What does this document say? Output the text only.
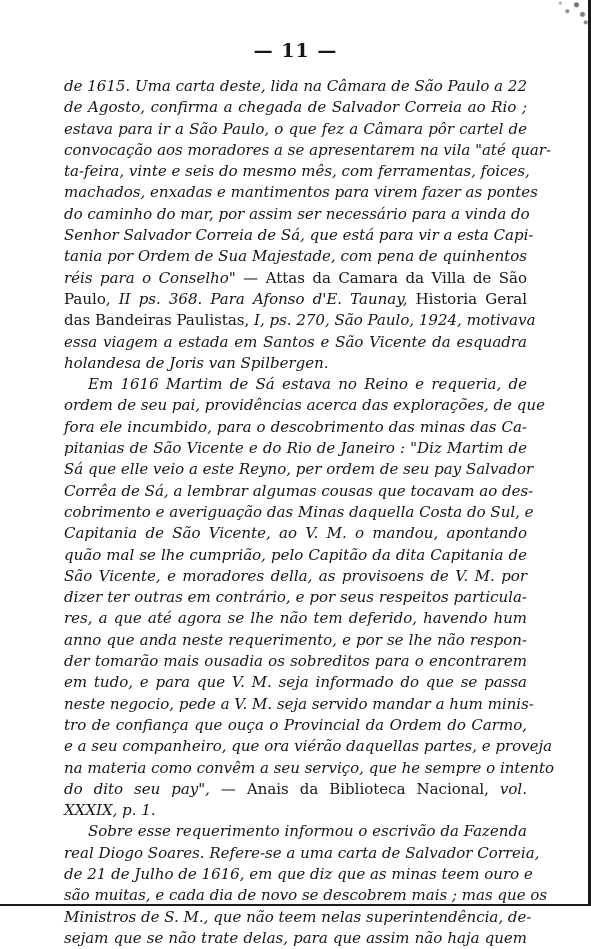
— 11 —
de 1615. Uma carta deste, lida na Câmara de São Paulo a 22
de Agosto, confirma a chegada de Salvador Correia ao Rio ;
estava para ir a São Paulo, o que fez a Câmara pôr cartel de
convocação aos moradores a se apresentarem na vila "até quar-
ta-feira, vinte e seis do mesmo mês, com ferramentas, foices,
machados, enxadas e mantimentos para virem fazer as pontes
do caminho do mar, por assim ser necessário para a vinda do
Senhor Salvador Correia de Sá, que está para vir a esta Capi-
tania por Ordem de Sua Majestade, com pena de quinhentos
réis para o Conselho" — Attas da Camara da Villa de São
Paulo, II ps. 368. Para Afonso d'E. Taunay, Historia Geral
das Bandeiras Paulistas, I, ps. 270, São Paulo, 1924, motivava
essa viagem a estada em Santos e São Vicente da esquadra
holandesa de Joris van Spilbergen.
Em 1616 Martim de Sá estava no Reino e requeria, de
ordem de seu pai, providências acerca das explorações, de que
fora ele incumbido, para o descobrimento das minas das Ca-
pitanias de São Vicente e do Rio de Janeiro : "Diz Martim de
Sá que elle veio a este Reyno, per ordem de seu pay Salvador
Corrêa de Sá, a lembrar algumas cousas que tocavam ao des-
cobrimento e averiguação das Minas daquella Costa do Sul, e
Capitania de São Vicente, ao V. M. o mandou, apontando
quão mal se lhe cumprião, pelo Capitão da dita Capitania de
São Vicente, e moradores della, as provisoens de V. M. por
dizer ter outras em contrário, e por seus respeitos particula-
res, a que até agora se lhe não tem deferido, havendo hum
anno que anda neste requerimento, e por se lhe não respon-
der tomarão mais ousadia os sobreditos para o encontrarem
em tudo, e para que V. M. seja informado do que se passa
neste negocio, pede a V. M. seja servido mandar a hum minis-
tro de confiança que ouça o Provincial da Ordem do Carmo,
e a seu companheiro, que ora viérão daquellas partes, e proveja
na materia como convêm a seu serviço, que he sempre o intento
do dito seu pay", — Anais da Biblioteca Nacional, vol.
XXXIX, p. 1.
Sobre esse requerimento informou o escrivão da Fazenda
real Diogo Soares. Refere-se a uma carta de Salvador Correia,
de 21 de Julho de 1616, em que diz que as minas teem ouro e
são muitas, e cada dia de novo se descobrem mais ; mas que os
Ministros de S. M., que não teem nelas superintendência, de-
sejam que se não trate delas, para que assim não haja quem
